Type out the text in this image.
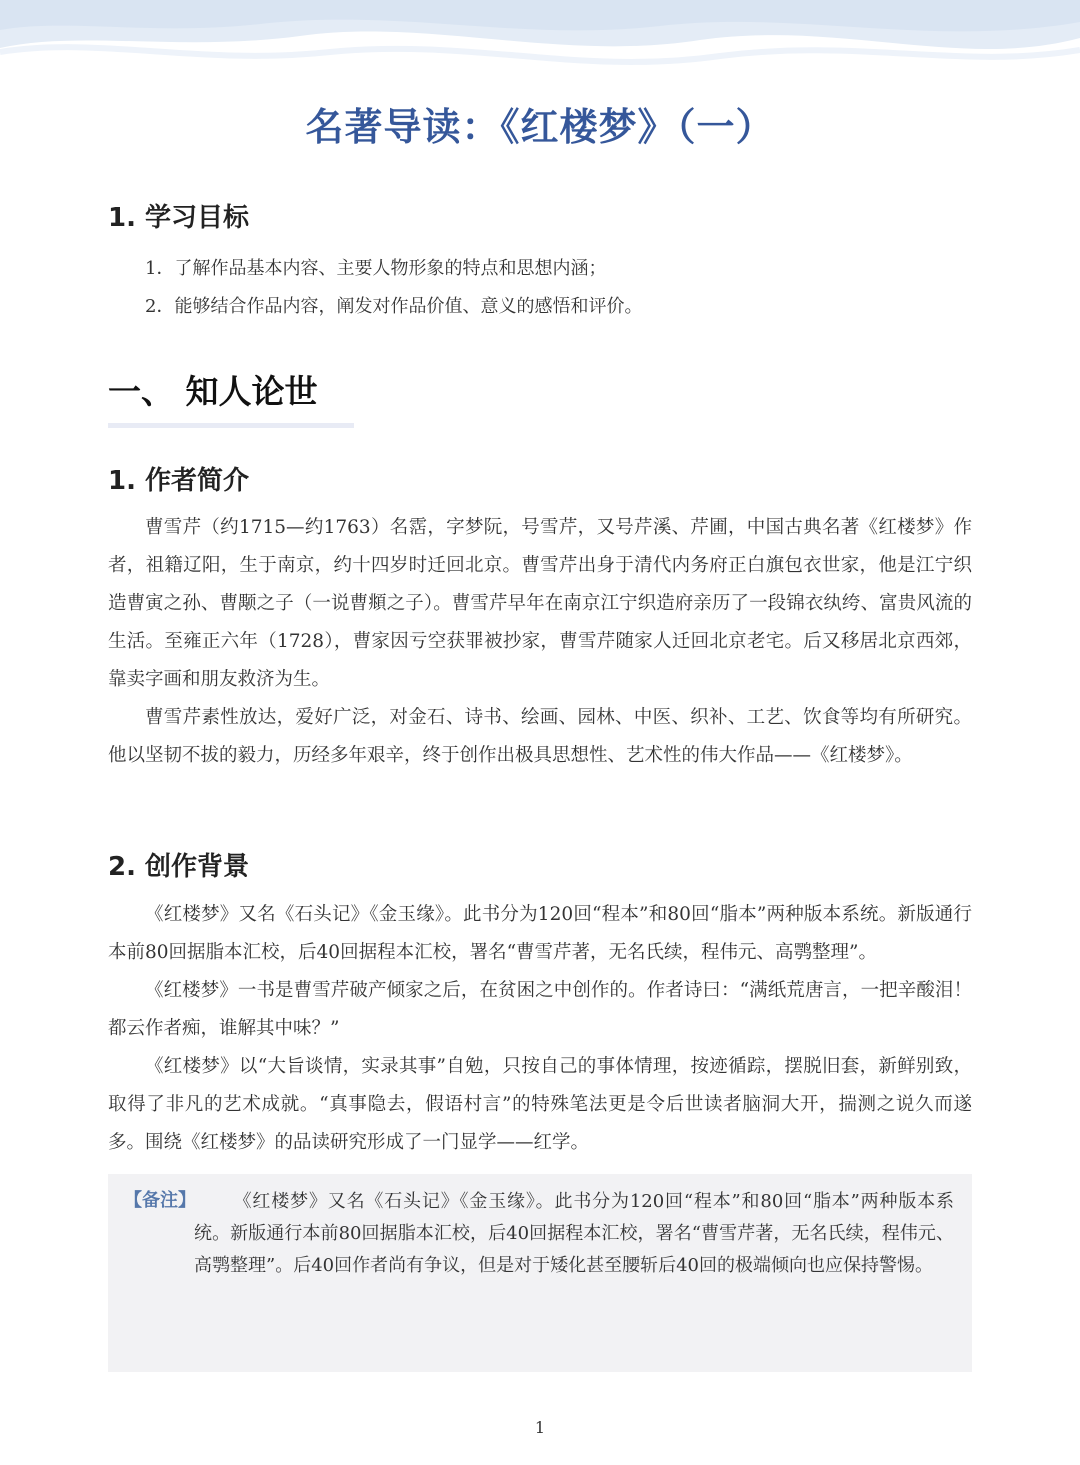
名著导读：《红楼梦》（一）
1. 学习目标
1．了解作品基本内容、主要人物形象的特点和思想内涵；
2．能够结合作品内容，阐发对作品价值、意义的感悟和评价。
一、 知人论世
1. 作者简介

曹雪芹（约1715—约1763）名霑，字梦阮，号雪芹，又号芹溪、芹圃，中国古典名著《红楼梦》作者，祖籍辽阳，生于南京，约十四岁时迁回北京。曹雪芹出身于清代内务府正白旗包衣世家，他是江宁织造曹寅之孙、曹颙之子（一说曹頫之子）。曹雪芹早年在南京江宁织造府亲历了一段锦衣纨绔、富贵风流的生活。至雍正六年（1728），曹家因亏空获罪被抄家，曹雪芹随家人迁回北京老宅。后又移居北京西郊，靠卖字画和朋友救济为生。

曹雪芹素性放达，爱好广泛，对金石、诗书、绘画、园林、中医、织补、工艺、饮食等均有所研究。他以坚韧不拔的毅力，历经多年艰辛，终于创作出极具思想性、艺术性的伟大作品——《红楼梦》。

2. 创作背景

《红楼梦》又名《石头记》《金玉缘》。此书分为120回“程本”和80回“脂本”两种版本系统。新版通行本前80回据脂本汇校，后40回据程本汇校，署名“曹雪芹著，无名氏续，程伟元、高鹗整理”。

《红楼梦》一书是曹雪芹破产倾家之后，在贫困之中创作的。作者诗曰：“满纸荒唐言，一把辛酸泪！都云作者痴，谁解其中味？”

《红楼梦》以“大旨谈情，实录其事”自勉，只按自己的事体情理，按迹循踪，摆脱旧套，新鲜别致，取得了非凡的艺术成就。“真事隐去，假语村言”的特殊笔法更是令后世读者脑洞大开，揣测之说久而遂多。围绕《红楼梦》的品读研究形成了一门显学——红学。

【备注】	《红楼梦》又名《石头记》《金玉缘》。此书分为120回“程本”和80回“脂本”两种版本系统。新版通行本前80回据脂本汇校，后40回据程本汇校，署名“曹雪芹著，无名氏续，程伟元、高鹗整理”。后40回作者尚有争议，但是对于矮化甚至腰斩后40回的极端倾向也应保持警惕。

1
